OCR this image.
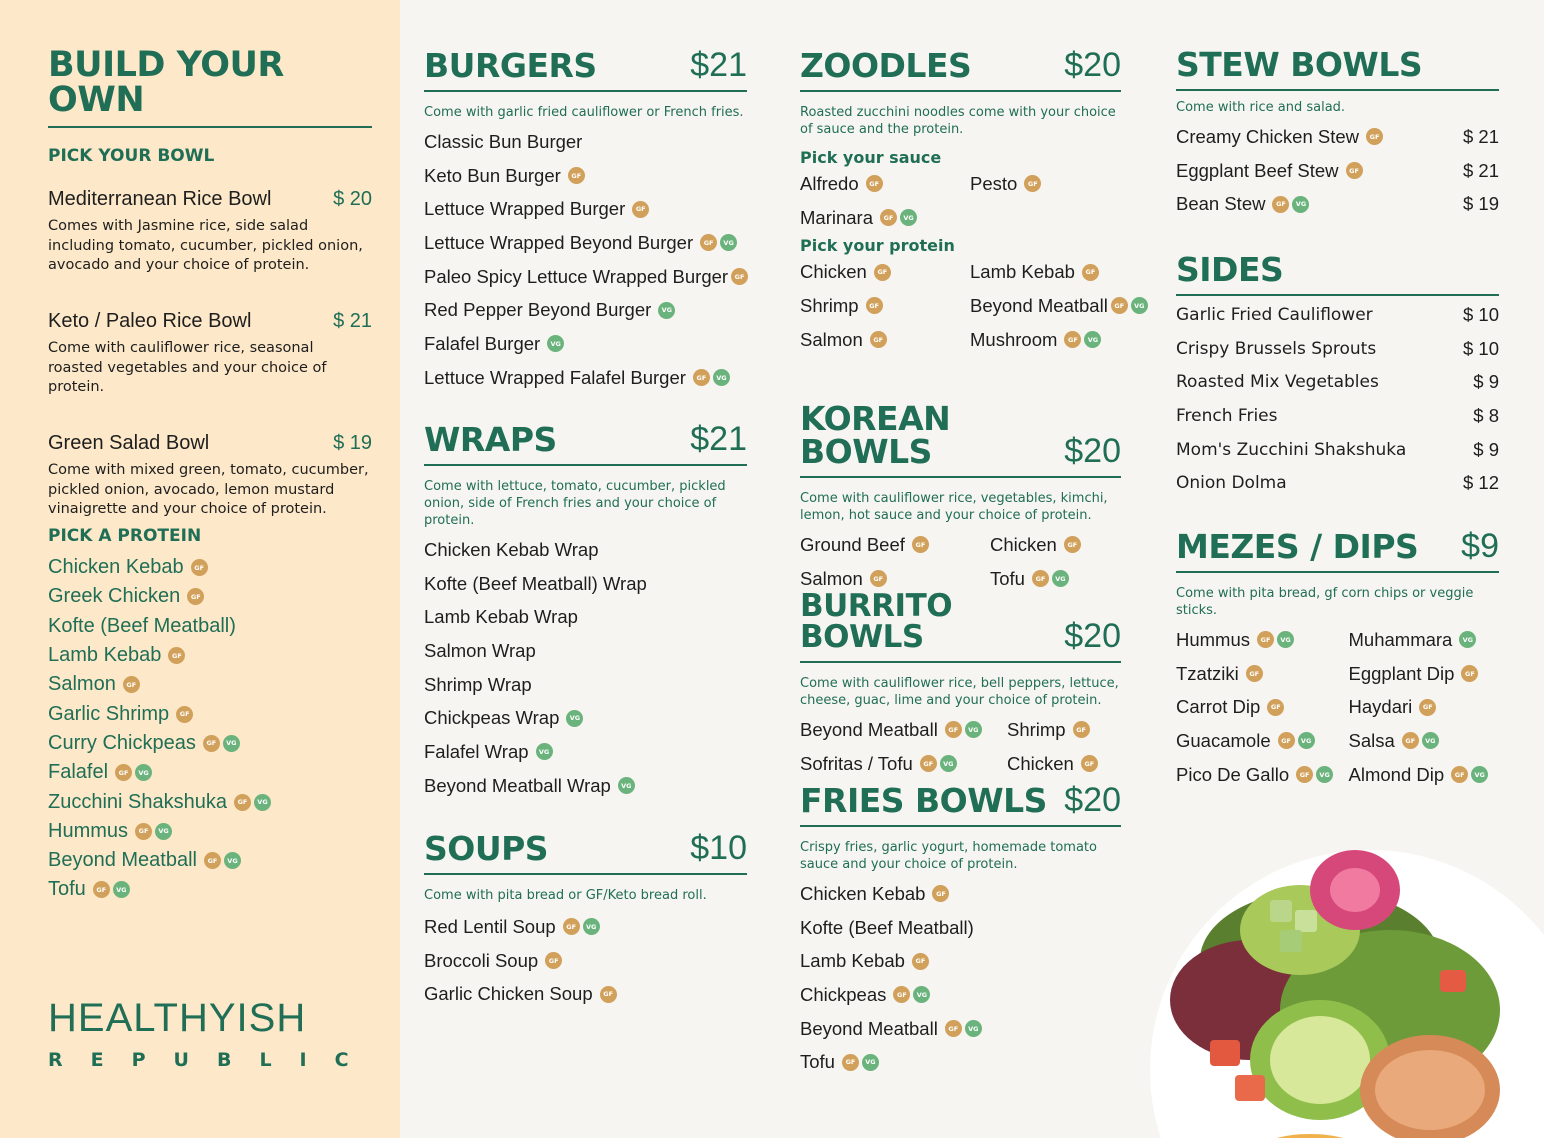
BUILD YOUR OWN
PICK YOUR BOWL
Mediterranean Rice Bowl	$ 20
Comes with Jasmine rice, side salad including tomato, cucumber, pickled onion, avocado and your choice of protein.
Keto / Paleo Rice Bowl	$ 21
Come with cauliflower rice, seasonal roasted vegetables and your choice of protein.
Green Salad Bowl	$ 19
Come with mixed green, tomato, cucumber, pickled onion, avocado, lemon mustard vinaigrette and your choice of protein.
PICK A PROTEIN
Chicken Kebab	GF
Greek Chicken	GF
Kofte (Beef Meatball)
Lamb Kebab	GF
Salmon	GF
Garlic Shrimp	GF
Curry Chickpeas	GF	VG
Falafel	GF	VG
Zucchini Shakshuka	GF	VG
Hummus	GF	VG
Beyond Meatball	GF	VG
Tofu	GF	VG
HEALTHYISH
REPUBLIC
BURGERS	$21
Come with garlic fried cauliflower or French fries.
Classic Bun Burger
Keto Bun Burger	GF
Lettuce Wrapped Burger	GF
Lettuce Wrapped Beyond Burger	GF	VG
Paleo Spicy Lettuce Wrapped Burger	GF
Red Pepper Beyond Burger	VG
Falafel Burger	VG
Lettuce Wrapped Falafel Burger	GF	VG
WRAPS	$21
Come with lettuce, tomato, cucumber, pickled onion, side of French fries and your choice of protein.
Chicken Kebab Wrap
Kofte (Beef Meatball) Wrap
Lamb Kebab Wrap
Salmon Wrap
Shrimp Wrap
Chickpeas Wrap	VG
Falafel Wrap	VG
Beyond Meatball Wrap	VG
SOUPS	$10
Come with pita bread or GF/Keto bread roll.
Red Lentil Soup	GF	VG
Broccoli Soup	GF
Garlic Chicken Soup	GF
ZOODLES	$20
Roasted zucchini noodles come with your choice of sauce and the protein.
Pick your sauce
Alfredo	GF	Pesto	GF
Marinara	GF	VG
Pick your protein
Chicken	GF	Lamb Kebab	GF
Shrimp	GF	Beyond Meatball	GF	VG
Salmon	GF	Mushroom	GF	VG
KOREAN BOWLS	$20
Come with cauliflower rice, vegetables, kimchi, lemon, hot sauce and your choice of protein.
Ground Beef	GF	Chicken	GF
Salmon	GF	Tofu	GF	VG
BURRITO BOWLS	$20
Come with cauliflower rice, bell peppers, lettuce, cheese, guac, lime and your choice of protein.
Beyond Meatball	GF	VG Shrimp	GF
Sofritas / Tofu	GF	VG	Chicken	GF
FRIES BOWLS $20
Crispy fries, garlic yogurt, homemade tomato sauce and your choice of protein.
Chicken Kebab	GF
Kofte (Beef Meatball)
Lamb Kebab	GF
Chickpeas	GF	VG
Beyond Meatball	GF	VG
Tofu	GF	VG
STEW BOWLS
Come with rice and salad.
Creamy Chicken Stew	GF	$ 21
Eggplant Beef Stew	GF	$ 21
Bean Stew	GF	VG	$ 19
SIDES
Garlic Fried Cauliflower	$ 10
Crispy Brussels Sprouts	$ 10
Roasted Mix Vegetables	$ 9
French Fries	$ 8
Mom's Zucchini Shakshuka	$ 9
Onion Dolma	$ 12
MEZES / DIPS $9
Come with pita bread, gf corn chips or veggie sticks.
Hummus	GF	VG	Muhammara	VG
Tzatziki	GF	Eggplant Dip	GF
Carrot Dip	GF	Haydari	GF
Guacamole	GF	VG Salsa	GF	VG
Pico De Gallo	GF	VG Almond Dip	GF	VG
